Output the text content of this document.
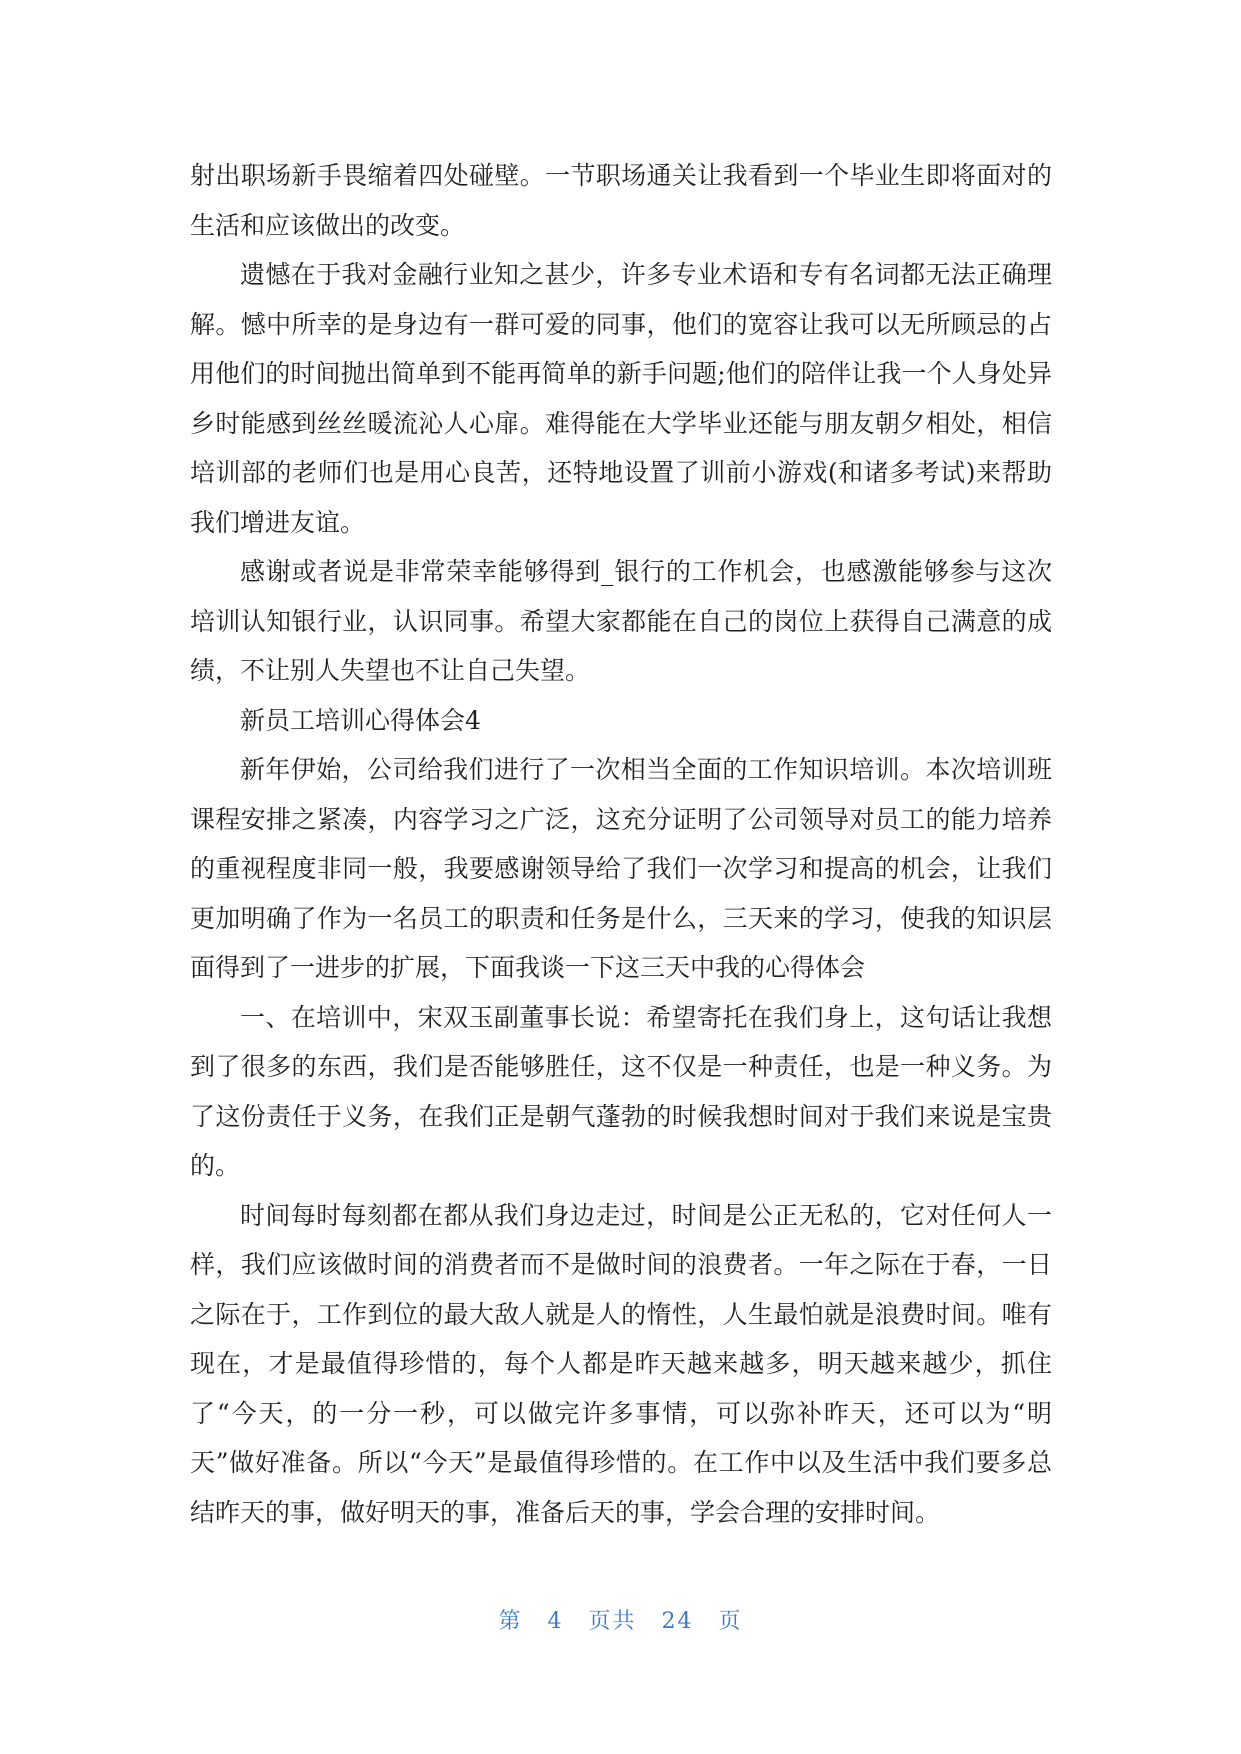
射出职场新手畏缩着四处碰壁。一节职场通关让我看到一个毕业生即将面对的生活和应该做出的改变。

遗憾在于我对金融行业知之甚少，许多专业术语和专有名词都无法正确理解。憾中所幸的是身边有一群可爱的同事，他们的宽容让我可以无所顾忌的占用他们的时间抛出简单到不能再简单的新手问题;他们的陪伴让我一个人身处异乡时能感到丝丝暖流沁人心扉。难得能在大学毕业还能与朋友朝夕相处，相信培训部的老师们也是用心良苦，还特地设置了训前小游戏(和诸多考试)来帮助我们增进友谊。

感谢或者说是非常荣幸能够得到_银行的工作机会，也感激能够参与这次培训认知银行业，认识同事。希望大家都能在自己的岗位上获得自己满意的成绩，不让别人失望也不让自己失望。

新员工培训心得体会4

新年伊始，公司给我们进行了一次相当全面的工作知识培训。本次培训班课程安排之紧凑，内容学习之广泛，这充分证明了公司领导对员工的能力培养的重视程度非同一般，我要感谢领导给了我们一次学习和提高的机会，让我们更加明确了作为一名员工的职责和任务是什么，三天来的学习，使我的知识层面得到了一进步的扩展，下面我谈一下这三天中我的心得体会

一、在培训中，宋双玉副董事长说：希望寄托在我们身上，这句话让我想到了很多的东西，我们是否能够胜任，这不仅是一种责任，也是一种义务。为了这份责任于义务，在我们正是朝气蓬勃的时候我想时间对于我们来说是宝贵的。

时间每时每刻都在都从我们身边走过，时间是公正无私的，它对任何人一样，我们应该做时间的消费者而不是做时间的浪费者。一年之际在于春，一日之际在于，工作到位的最大敌人就是人的惰性，人生最怕就是浪费时间。唯有现在，才是最值得珍惜的，每个人都是昨天越来越多，明天越来越少，抓住了“今天，的一分一秒，可以做完许多事情，可以弥补昨天，还可以为“明天”做好准备。所以“今天”是最值得珍惜的。在工作中以及生活中我们要多总结昨天的事，做好明天的事，准备后天的事，学会合理的安排时间。

第 4 页共 24 页
